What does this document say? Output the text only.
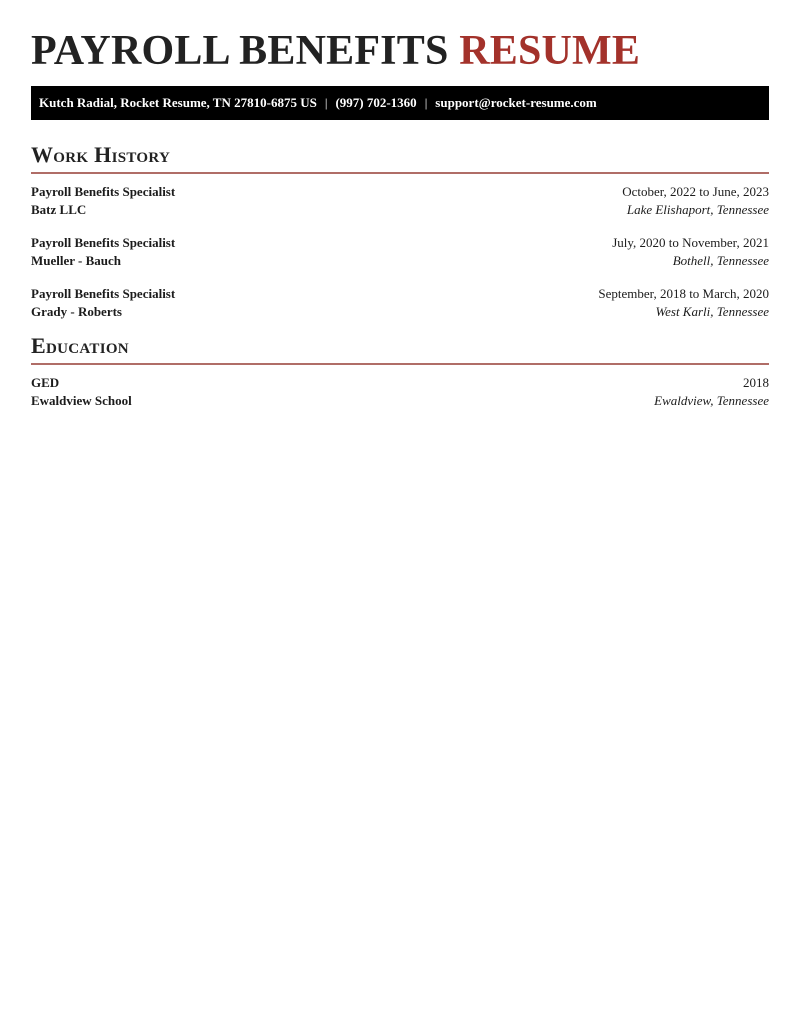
PAYROLL BENEFITS RESUME
Kutch Radial, Rocket Resume, TN 27810-6875 US | (997) 702-1360 | support@rocket-resume.com
Work History
Payroll Benefits Specialist	October, 2022 to June, 2023
Batz LLC	Lake Elishaport, Tennessee
Payroll Benefits Specialist	July, 2020 to November, 2021
Mueller - Bauch	Bothell, Tennessee
Payroll Benefits Specialist	September, 2018 to March, 2020
Grady - Roberts	West Karli, Tennessee
Education
GED	2018
Ewaldview School	Ewaldview, Tennessee
